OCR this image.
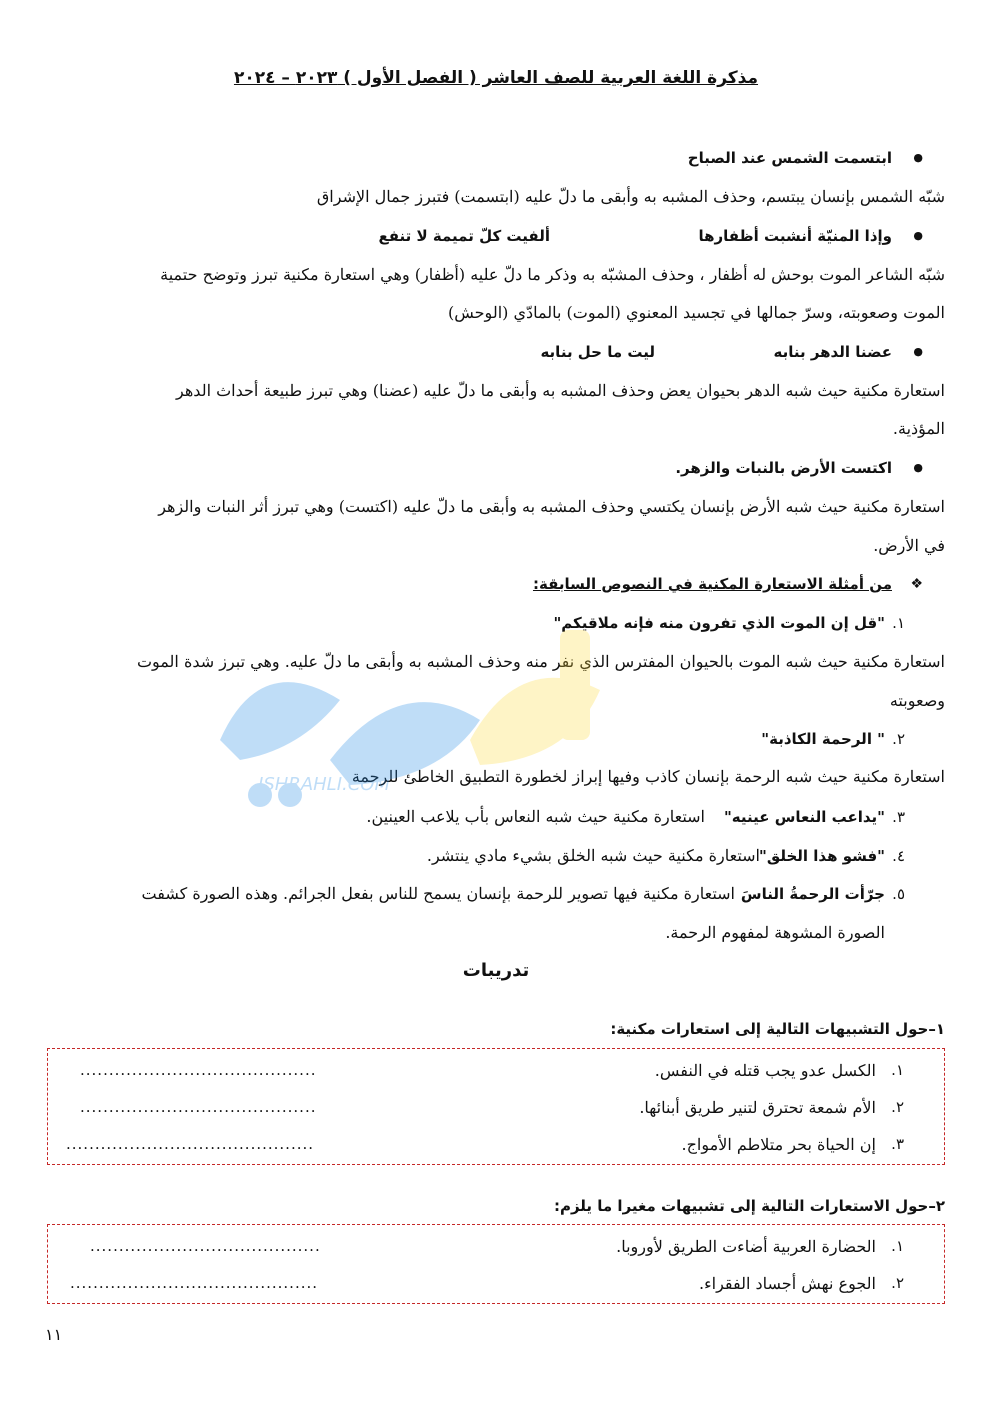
مذكرة اللغة العربية للصف العاشر ( الفصل الأول ) ٢٠٢٣ – ٢٠٢٤
●
ابتسمت الشمس عند الصباح
شبّه الشمس بإنسان يبتسم، وحذف المشبه به وأبقى ما دلّ عليه (ابتسمت) فتبرز جمال الإشراق
●
وإذا المنيّة أنشبت أظفارها
ألفيت كلّ تميمة لا تنفع
شبّه الشاعر الموت بوحش له أظفار ، وحذف المشبّه به وذكر ما دلّ عليه (أظفار) وهي استعارة مكنية تبرز وتوضح حتمية
الموت وصعوبته، وسرّ جمالها في تجسيد المعنوي (الموت) بالمادّي (الوحش)
●
عضنا الدهر بنابه
ليت ما حل بنابه
استعارة مكنية حيث شبه الدهر بحيوان يعض وحذف المشبه به وأبقى ما دلّ عليه (عضنا) وهي تبرز طبيعة أحداث الدهر
المؤذية.
●
اكتست الأرض بالنبات والزهر.
استعارة مكنية حيث شبه الأرض بإنسان يكتسي وحذف المشبه به وأبقى ما دلّ عليه (اكتست) وهي تبرز أثر النبات والزهر
في الأرض.
❖
من أمثلة الاستعارة المكنية في النصوص السابقة:
١.
"قل إن الموت الذي تفرون منه فإنه ملاقيكم"
استعارة مكنية حيث شبه الموت بالحيوان المفترس الذي نفر منه وحذف المشبه به وأبقى ما دلّ عليه. وهي تبرز شدة الموت
وصعوبته
٢.
" الرحمة الكاذبة"
استعارة مكنية حيث شبه الرحمة بإنسان كاذب وفيها إبراز لخطورة التطبيق الخاطئ للرحمة
٣.
"يداعب النعاس عينيه"
استعارة مكنية حيث شبه النعاس بأب يلاعب العينين.
٤.
"فشو هذا الخلق"
استعارة مكنية حيث شبه الخلق بشيء مادي ينتشر.
٥.
جرّأت الرحمةُ الناسَ
استعارة مكنية فيها تصوير للرحمة بإنسان يسمح للناس بفعل الجرائم. وهذه الصورة كشفت
الصورة المشوهة لمفهوم الرحمة.
تدريبات
١–حول التشبيهات التالية إلى استعارات مكنية:
١.
الكسل عدو يجب قتله في النفس.
.........................................
٢.
الأم شمعة تحترق لتنير طريق أبنائها.
.........................................
٣.
إن الحياة بحر متلاطم الأمواج.
...........................................
٢–حول الاستعارات التالية إلى تشبيهات مغيرا ما يلزم:
١.
الحضارة العربية أضاءت الطريق لأوروبا.
........................................
٢.
الجوع نهش أجساد الفقراء.
...........................................
ISHRAHLI.COM
١١
